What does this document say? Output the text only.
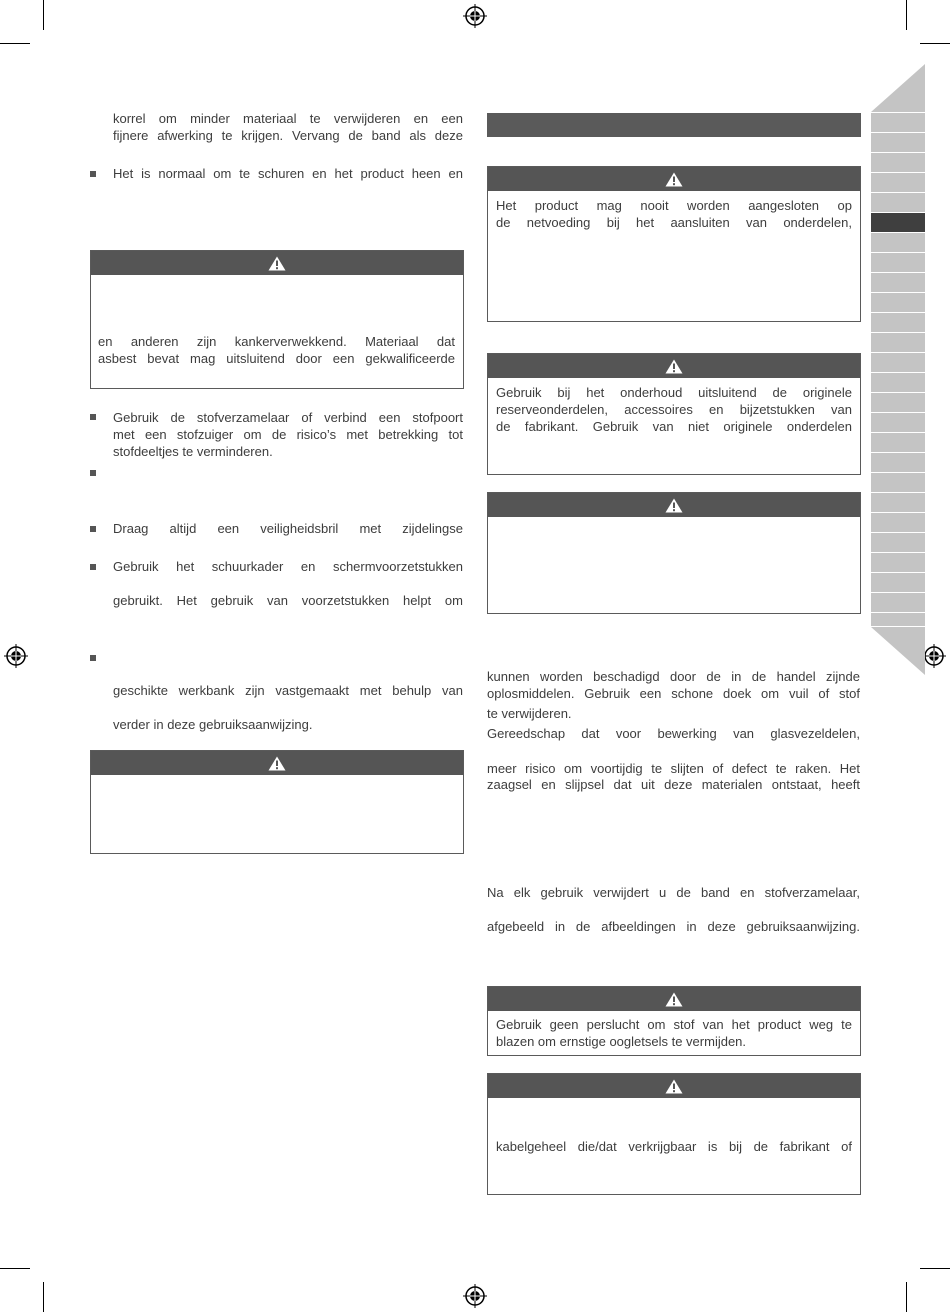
korrel om minder materiaal te verwijderen en een
fijnere afwerking te krijgen. Vervang de band als deze
Het is normaal om te schuren en het product heen en
en anderen zijn kankerverwekkend. Materiaal dat
asbest bevat mag uitsluitend door een gekwalificeerde
Gebruik de stofverzamelaar of verbind een stofpoort
met een stofzuiger om de risico’s met betrekking tot
stofdeeltjes te verminderen.
Draag altijd een veiligheidsbril met zijdelingse
Gebruik het schuurkader en schermvoorzetstukken
gebruikt. Het gebruik van voorzetstukken helpt om
geschikte werkbank zijn vastgemaakt met behulp van
verder in deze gebruiksaanwijzing.
Het product mag nooit worden aangesloten op
de netvoeding bij het aansluiten van onderdelen,
Gebruik bij het onderhoud uitsluitend de originele
reserveonderdelen, accessoires en bijzetstukken van
de fabrikant. Gebruik van niet originele onderdelen
kunnen worden beschadigd door de in de handel zijnde
oplosmiddelen. Gebruik een schone doek om vuil of stof
te verwijderen.
Gereedschap dat voor bewerking van glasvezeldelen,
meer risico om voortijdig te slijten of defect te raken. Het
zaagsel en slijpsel dat uit deze materialen ontstaat, heeft
Na elk gebruik verwijdert u de band en stofverzamelaar,
afgebeeld in de afbeeldingen in deze gebruiksaanwijzing.
Gebruik geen perslucht om stof van het product weg te
blazen om ernstige oogletsels te vermijden.
kabelgeheel die/dat verkrijgbaar is bij de fabrikant of
